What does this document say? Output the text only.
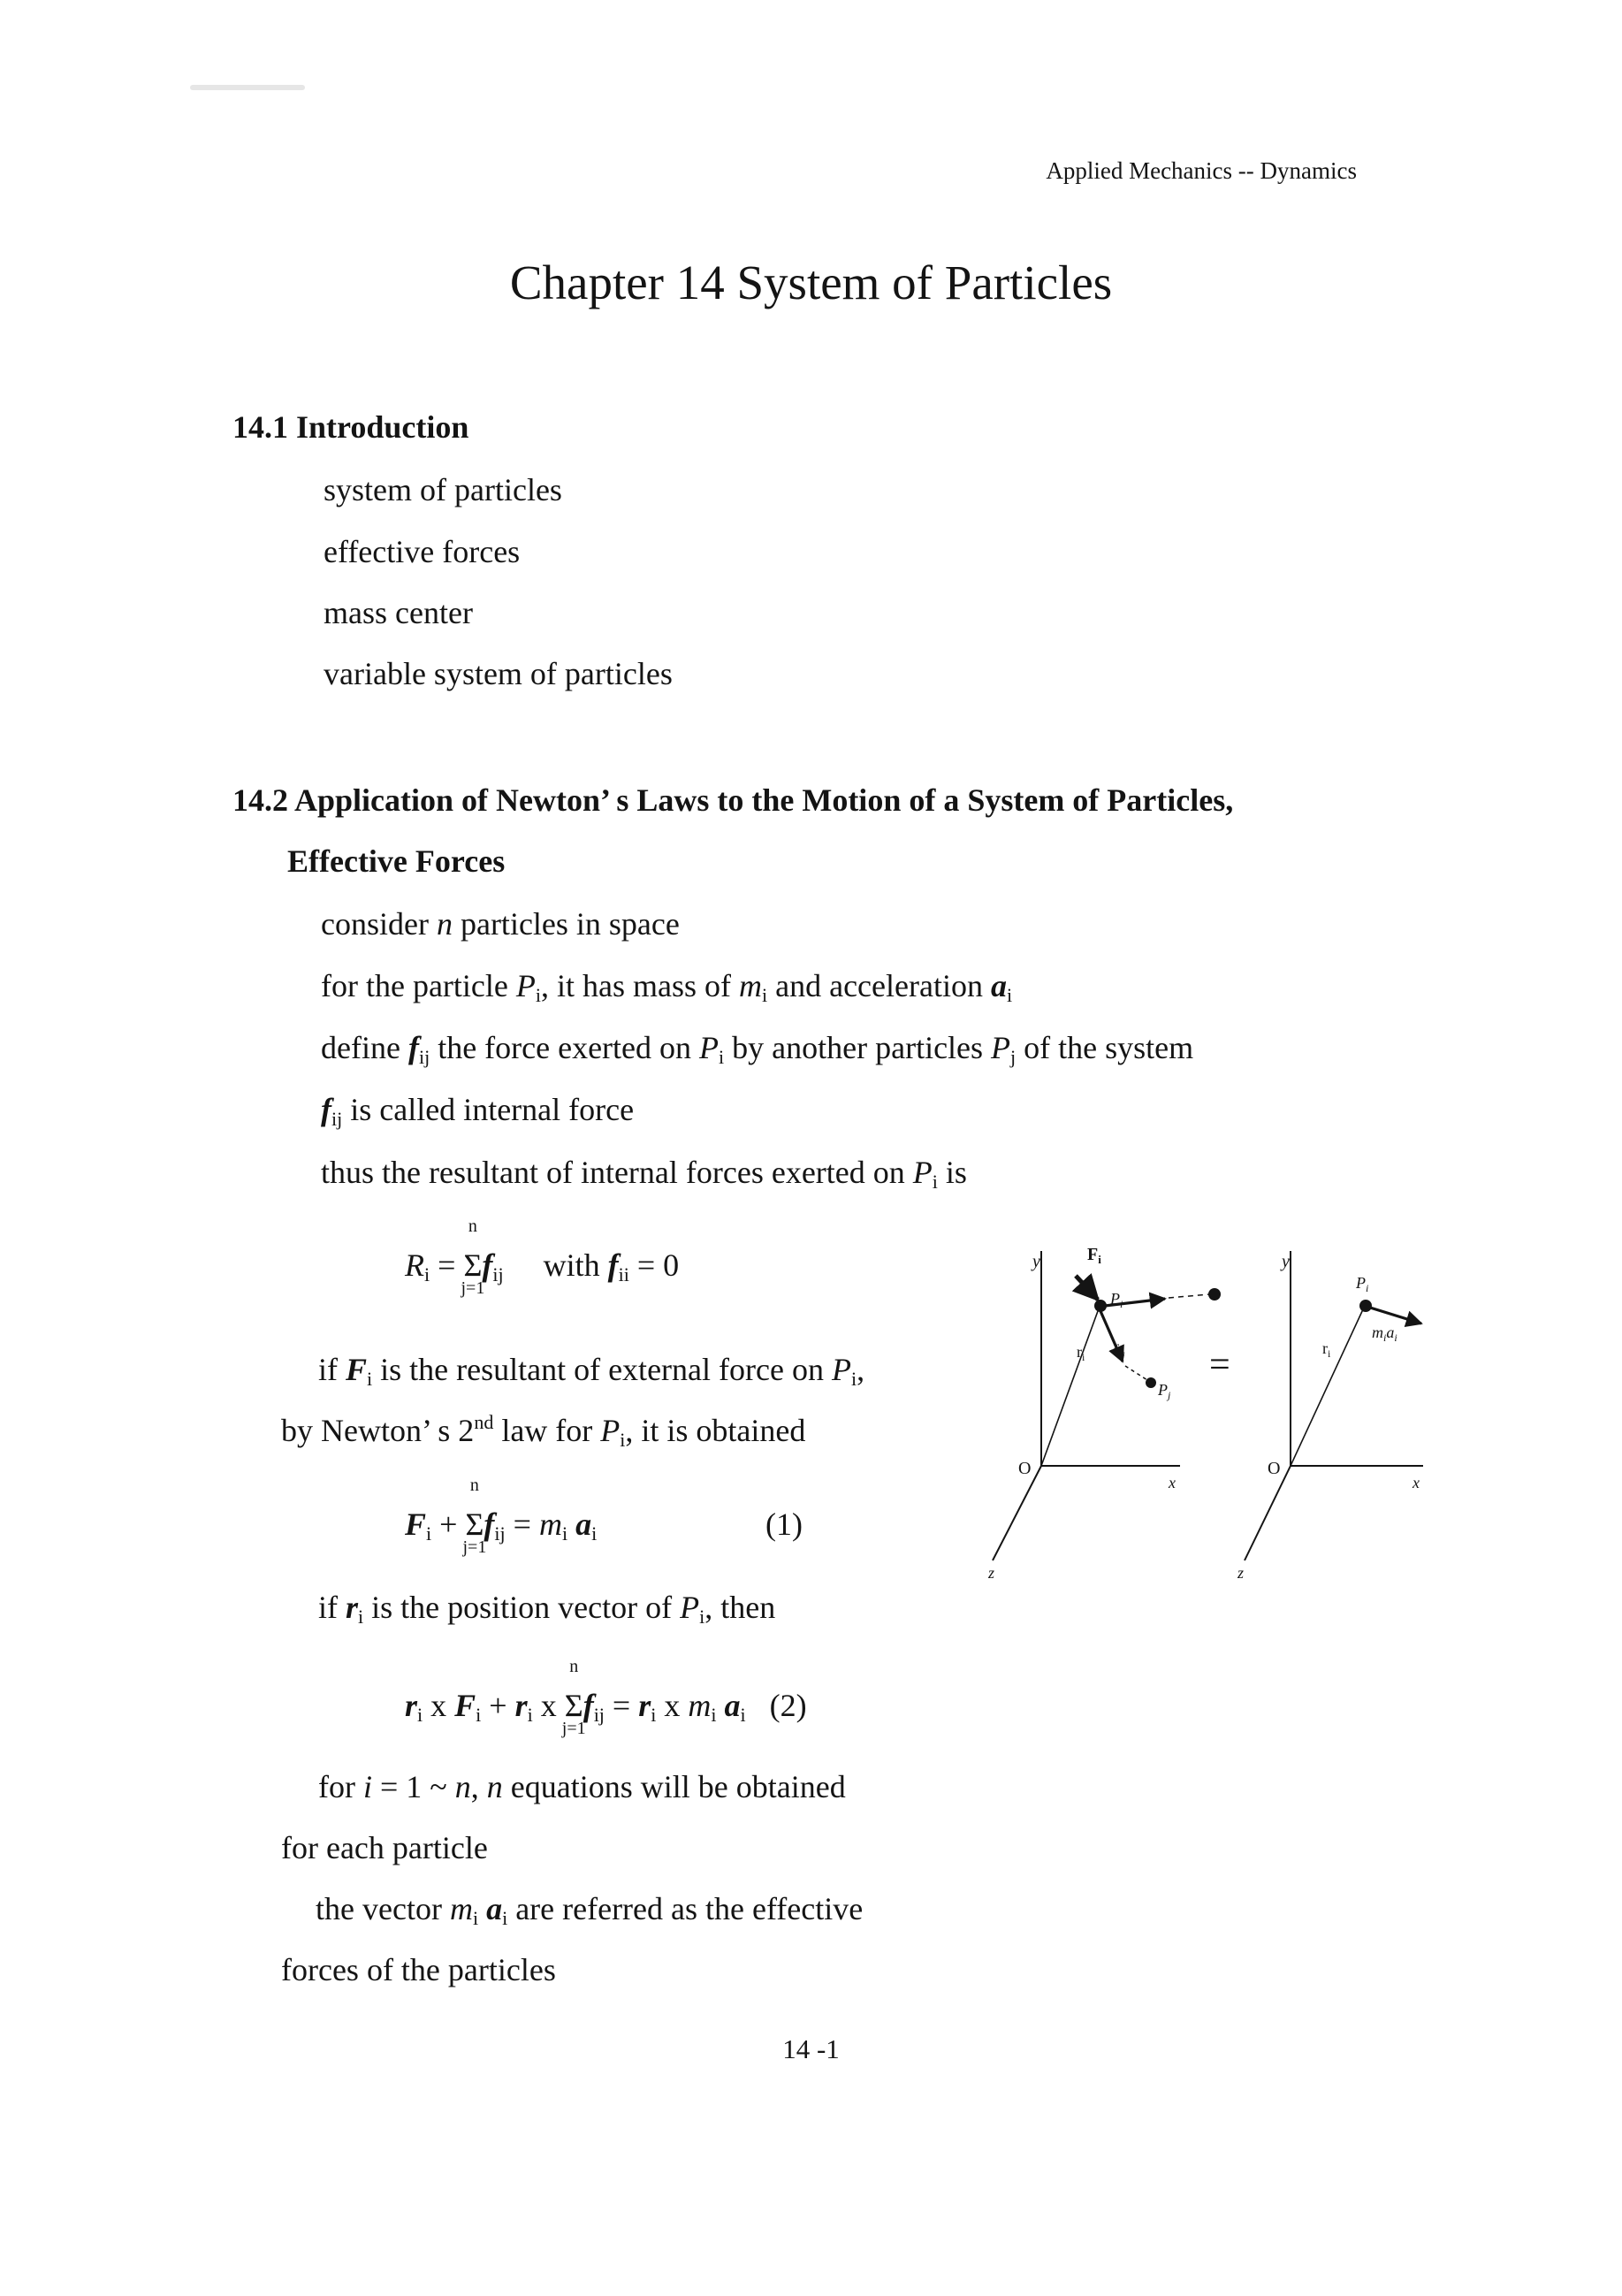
Applied Mechanics -- Dynamics
Chapter 14 System of Particles
14.1 Introduction
system of particles
effective forces
mass center
variable system of particles
14.2 Application of Newton’ s Laws to the Motion of a System of Particles,
Effective Forces
consider n particles in space
for the particle $P_i$, it has mass of $m_i$ and acceleration $a_i$
define $f_{ij}$ the force exerted on $P_i$ by another particles $P_j$ of the system
$f_{ij}$ is called internal force
thus the resultant of internal forces exerted on $P_i$ is
$R_i$ =
n
Σ
j=1
$f_{ij}$ with $f_{ii} = 0$
if $F_i$ is the resultant of external force on $P_i$,
by Newton’ s 2nd law for $P_i$, it is obtained
$F_i$ +
n
Σ
j=1
$f_{ij} = m_i$ $a_i$	(1)
if $r_i$ is the position vector of $P_i$, then
$r_i$ x $F_i + r_i$ x
n
Σ
j=1
$f_{ij} = r_i$ x $m_i$ $a_i$ (2)
for i = 1 ~ n, n equations will be obtained
for each particle
the vector $m_i$ $a_i$ are referred as the effective
forces of the particles
y
x
z
O
$F_i$
$P_i$
$r_i$ $f_{ij}$
$P_j$
=
y
x
z
O
$P_i$
$r_i$
$m_ia_i$
14 -1
